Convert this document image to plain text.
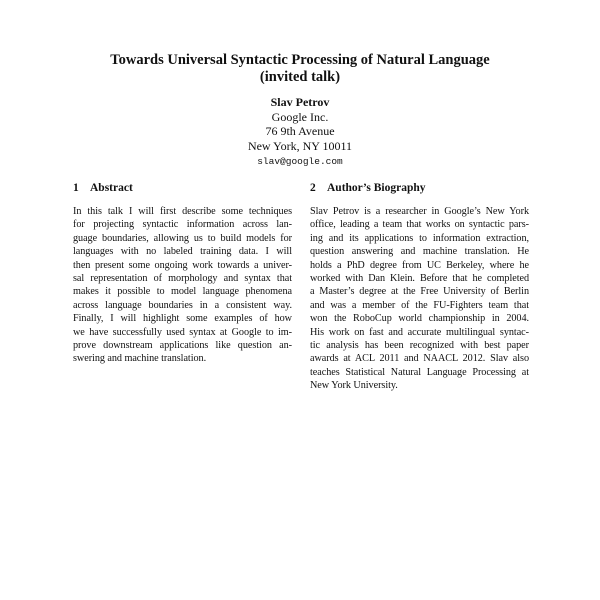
Towards Universal Syntactic Processing of Natural Language
(invited talk)
Slav Petrov
Google Inc.
76 9th Avenue
New York, NY 10011
slav@google.com
1 Abstract
In this talk I will first describe some techniques
for projecting syntactic information across lan-
guage boundaries, allowing us to build models for
languages with no labeled training data. I will
then present some ongoing work towards a univer-
sal representation of morphology and syntax that
makes it possible to model language phenomena
across language boundaries in a consistent way.
Finally, I will highlight some examples of how
we have successfully used syntax at Google to im-
prove downstream applications like question an-
swering and machine translation.
2 Author’s Biography
Slav Petrov is a researcher in Google’s New York
office, leading a team that works on syntactic pars-
ing and its applications to information extraction,
question answering and machine translation. He
holds a PhD degree from UC Berkeley, where he
worked with Dan Klein. Before that he completed
a Master’s degree at the Free University of Berlin
and was a member of the FU-Fighters team that
won the RoboCup world championship in 2004.
His work on fast and accurate multilingual syntac-
tic analysis has been recognized with best paper
awards at ACL 2011 and NAACL 2012. Slav also
teaches Statistical Natural Language Processing at
New York University.
